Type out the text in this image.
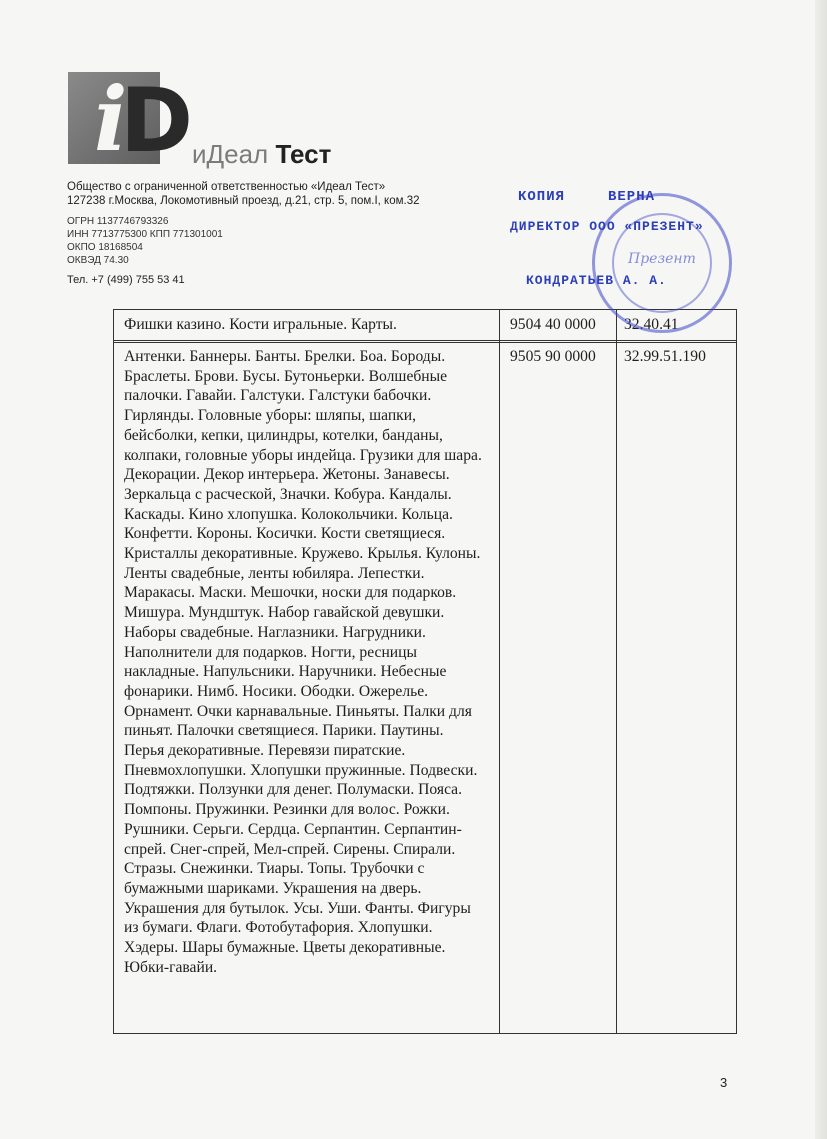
i
D
иДеал Тест
Общество с ограниченной ответственностью «Идеал Тест»
127238 г.Москва, Локомотивный проезд, д.21, стр. 5, пом.I, ком.32
ОГРН 1137746793326
ИНН 7713775300 КПП 771301001
ОКПО 18168504
ОКВЭД 74.30
Тел. +7 (499) 755 53 41
Фишки казино. Кости игральные. Карты.	9504 40 0000	32.40.41
Антенки. Баннеры. Банты. Брелки. Боа. Бороды.
Браслеты. Брови. Бусы. Бутоньерки. Волшебные
палочки. Гавайи. Галстуки. Галстуки бабочки.
Гирлянды. Головные уборы: шляпы, шапки,
бейсболки, кепки, цилиндры, котелки, банданы,
колпаки, головные уборы индейца. Грузики для шара.
Декорации. Декор интерьера. Жетоны. Занавесы.
Зеркальца с расческой, Значки. Кобура. Кандалы.
Каскады. Кино хлопушка. Колокольчики. Кольца.
Конфетти. Короны. Косички. Кости светящиеся.
Кристаллы декоративные. Кружево. Крылья. Кулоны.
Ленты свадебные, ленты юбиляра. Лепестки.
Маракасы. Маски. Мешочки, носки для подарков.
Мишура. Мундштук. Набор гавайской девушки.
Наборы свадебные. Наглазники. Нагрудники.
Наполнители для подарков. Ногти, ресницы
накладные. Напульсники. Наручники. Небесные
фонарики. Нимб. Носики. Ободки. Ожерелье.
Орнамент. Очки карнавальные. Пиньяты. Палки для
пиньят. Палочки светящиеся. Парики. Паутины.
Перья декоративные. Перевязи пиратские.
Пневмохлопушки. Хлопушки пружинные. Подвески.
Подтяжки. Ползунки для денег. Полумаски. Пояса.
Помпоны. Пружинки. Резинки для волос. Рожки.
Рушники. Серьги. Сердца. Серпантин. Серпантин-
спрей. Снег-спрей, Мел-спрей. Сирены. Спирали.
Стразы. Снежинки. Тиары. Топы. Трубочки с
бумажными шариками. Украшения на дверь.
Украшения для бутылок. Усы. Уши. Фанты. Фигуры
из бумаги. Флаги. Фотобутафория. Хлопушки.
Хэдеры. Шары бумажные. Цветы декоративные.
Юбки-гавайи.
9505 90 0000	32.99.51.190
Презент
КОПИЯ	ВЕРНА
ДИРЕКТОР ООО «ПРЕЗЕНТ»
КОНДРАТЬЕВ А. А.
3
